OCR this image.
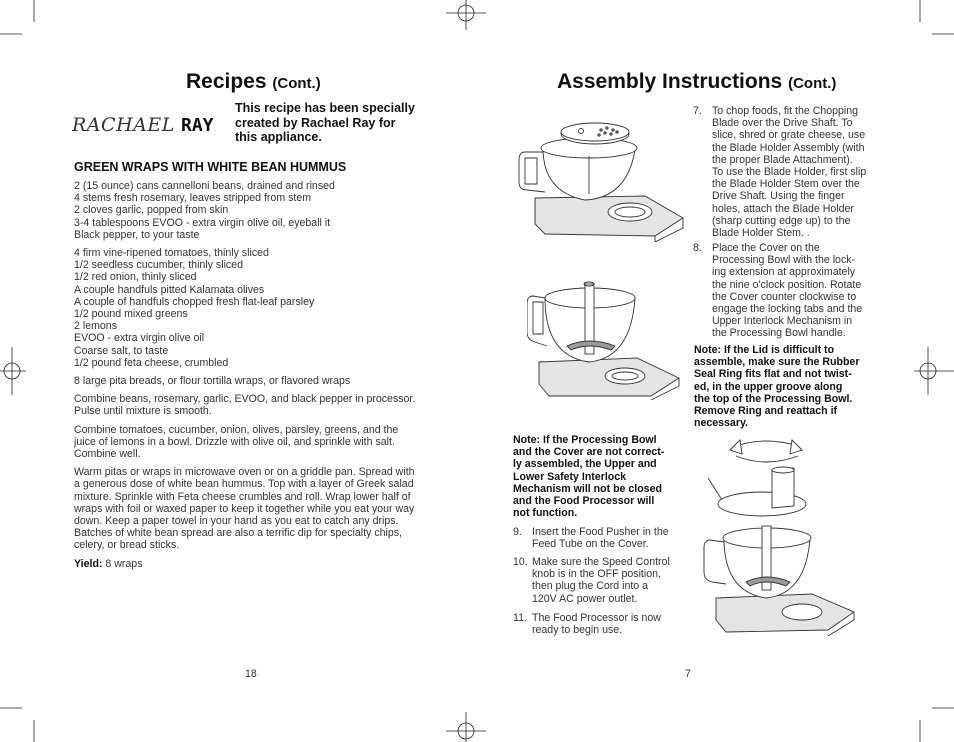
Recipes (Cont.)
RACHAEL RAY
This recipe has been specially
created by Rachael Ray for
this appliance.
GREEN WRAPS WITH WHITE BEAN HUMMUS
2 (15 ounce) cans cannelloni beans, drained and rinsed
4 stems fresh rosemary, leaves stripped from stem
2 cloves garlic, popped from skin
3-4 tablespoons EVOO - extra virgin olive oil, eyeball it
Black pepper, to your taste
4 firm vine-ripened tomatoes, thinly sliced
1/2 seedless cucumber, thinly sliced
1/2 red onion, thinly sliced
A couple handfuls pitted Kalamata olives
A couple of handfuls chopped fresh flat-leaf parsley
1/2 pound mixed greens
2 lemons
EVOO - extra virgin olive oil
Coarse salt, to taste
1/2 pound feta cheese, crumbled
8 large pita breads, or flour tortilla wraps, or flavored wraps
Combine beans, rosemary, garlic, EVOO, and black pepper in processor.
Pulse until mixture is smooth.
Combine tomatoes, cucumber, onion, olives, parsley, greens, and the
juice of lemons in a bowl. Drizzle with olive oil, and sprinkle with salt.
Combine well.
Warm pitas or wraps in microwave oven or on a griddle pan. Spread with
a generous dose of white bean hummus. Top with a layer of Greek salad
mixture. Sprinkle with Feta cheese crumbles and roll. Wrap lower half of
wraps with foil or waxed paper to keep it together while you eat your way
down. Keep a paper towel in your hand as you eat to catch any drips.
Batches of white bean spread are also a terrific dip for specialty chips,
celery, or bread sticks.
Yield: 8 wraps
18
Assembly Instructions (Cont.)
7. To chop foods, fit the Chopping
Blade over the Drive Shaft. To
slice, shred or grate cheese, use
the Blade Holder Assembly (with
the proper Blade Attachment).
To use the Blade Holder, first slip
the Blade Holder Stem over the
Drive Shaft. Using the finger
holes, attach the Blade Holder
(sharp cutting edge up) to the
Blade Holder Stem. .
8. Place the Cover on the
Processing Bowl with the lock-
ing extension at approximately
the nine o'clock position. Rotate
the Cover counter clockwise to
engage the locking tabs and the
Upper Interlock Mechanism in
the Processing Bowl handle.
Note: If the Lid is difficult to
assemble, make sure the Rubber
Seal Ring fits flat and not twist-
ed, in the upper groove along
the top of the Processing Bowl.
Remove Ring and reattach if
necessary.
Note: If the Processing Bowl
and the Cover are not correct-
ly assembled, the Upper and
Lower Safety Interlock
Mechanism will not be closed
and the Food Processor will
not function.
9. Insert the Food Pusher in the
Feed Tube on the Cover.
10. Make sure the Speed Control
knob is in the OFF position,
then plug the Cord into a
120V AC power outlet.
11. The Food Processor is now
ready to begin use.
7
